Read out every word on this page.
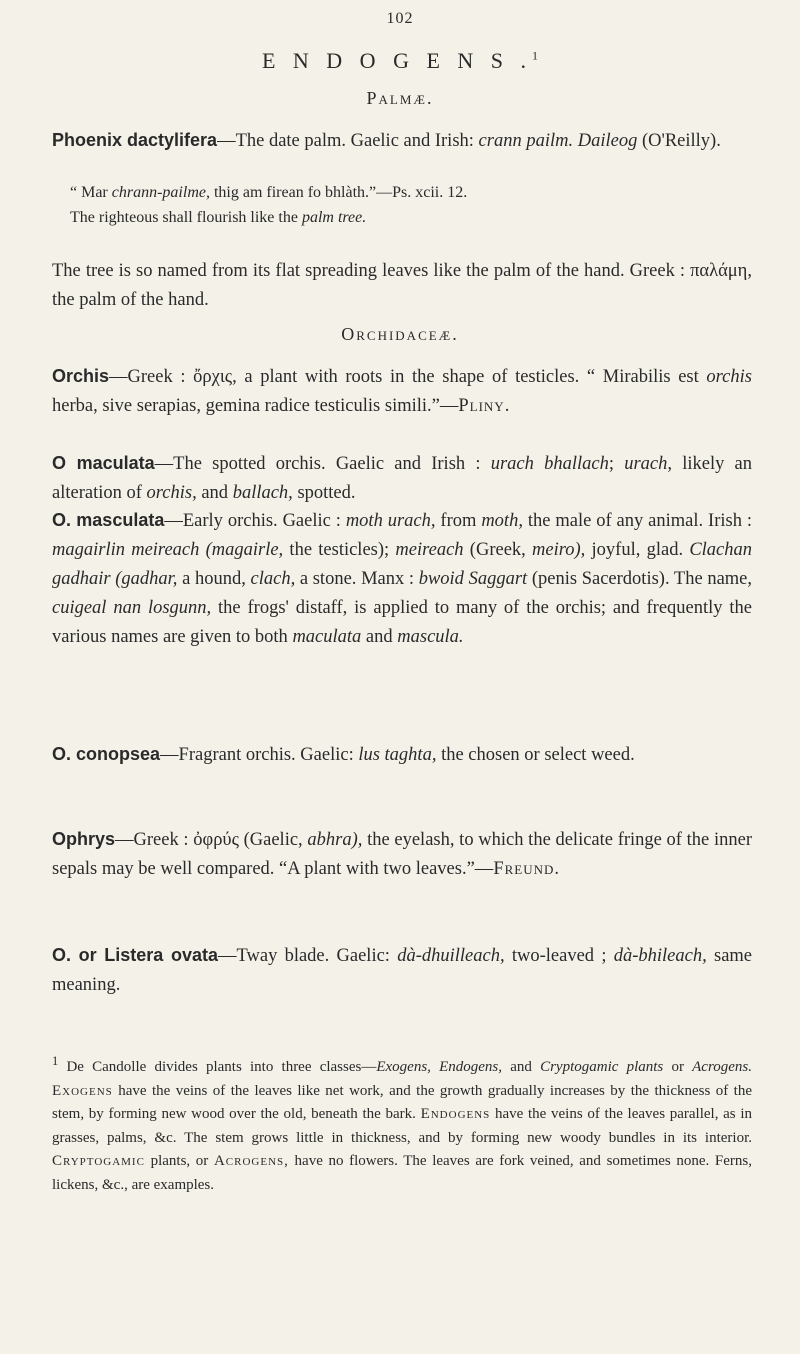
102
E N D O G E N S .$^1$
Palmæ.

Phoenix dactylifera—The date palm. Gaelic and Irish: crann pailm. Daileog (O'Reilly).

“ Mar chrann-pailme, thig am firean fo bhlàth.”—Ps. xcii. 12.
The righteous shall flourish like the palm tree.

The tree is so named from its flat spreading leaves like the palm of the hand. Greek : παλάμη, the palm of the hand.

Orchidaceæ.

Orchis—Greek : ὄρχις, a plant with roots in the shape of testicles. “ Mirabilis est orchis herba, sive serapias, gemina radice testiculis simili.”—Pliny.

O maculata—The spotted orchis. Gaelic and Irish : urach bhallach; urach, likely an alteration of orchis, and ballach, spotted.

O. masculata—Early orchis. Gaelic : moth urach, from moth, the male of any animal. Irish : magairlin meireach (magairle, the testicles); meireach (Greek, meiro), joyful, glad. Clachan gadhair (gadhar, a hound, clach, a stone. Manx : bwoid Saggart (penis Sacerdotis). The name, cuigeal nan losgunn, the frogs' distaff, is applied to many of the orchis; and frequently the various names are given to both maculata and mascula.

O. conopsea—Fragrant orchis. Gaelic: lus taghta, the chosen or select weed.

Ophrys—Greek : ὀφρύς (Gaelic, abhra), the eyelash, to which the delicate fringe of the inner sepals may be well compared. “A plant with two leaves.”—Freund.

O. or Listera ovata—Tway blade. Gaelic: dà-dhuilleach, two-leaved ; dà-bhileach, same meaning.

$^1$ De Candolle divides plants into three classes—Exogens, Endogens, and Cryptogamic plants or Acrogens. Exogens have the veins of the leaves like net work, and the growth gradually increases by the thickness of the stem, by forming new wood over the old, beneath the bark. Endogens have the veins of the leaves parallel, as in grasses, palms, &c. The stem grows little in thickness, and by forming new woody bundles in its interior. Cryptogamic plants, or Acrogens, have no flowers. The leaves are fork veined, and sometimes none. Ferns, lickens, &c., are examples.
